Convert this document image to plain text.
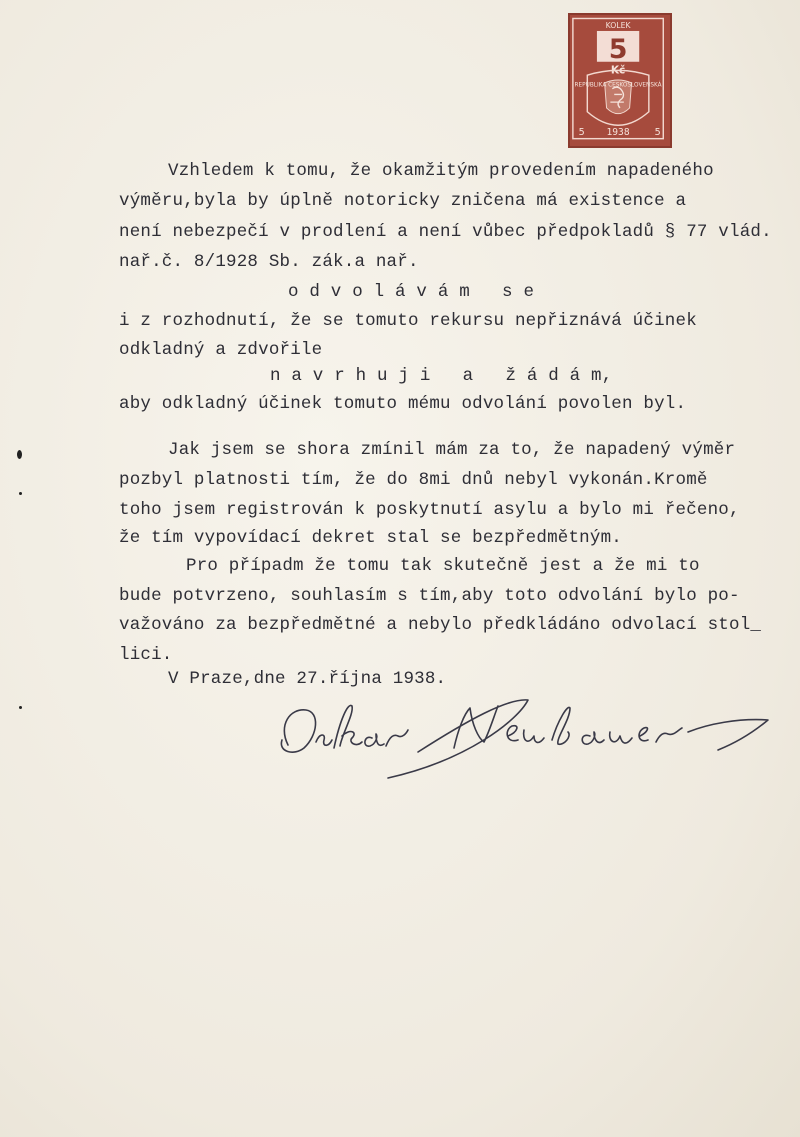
KOLEK
5
Kč
1938
5	5
REPUBLIKA ČESKOSLOVENSKÁ
Vzhledem k tomu, že okamžitým provedením napadeného
výměru,byla by úplně notoricky zničena má existence a
není nebezpečí v prodlení a není vůbec předpokladů § 77 vlád.
nař.č. 8/1928 Sb. zák.a nař.
o d v o l á v á m   s e
i z rozhodnutí, že se tomuto rekursu nepřiznává účinek
odkladný a zdvořile
n a v r h u j i   a   ž á d á m,
aby odkladný účinek tomuto mému odvolání povolen byl.
Jak jsem se shora zmínil mám za to, že napadený výměr
pozbyl platnosti tím, že do 8mi dnů nebyl vykonán.Kromě
toho jsem registrován k poskytnutí asylu a bylo mi řečeno,
že tím vypovídací dekret stal se bezpředmětným.
Pro případm že tomu tak skutečně jest a že mi to
bude potvrzeno, souhlasím s tím,aby toto odvolání bylo po-
važováno za bezpředmětné a nebylo předkládáno odvolací stol_
lici.
V Praze,dne 27.října 1938.
